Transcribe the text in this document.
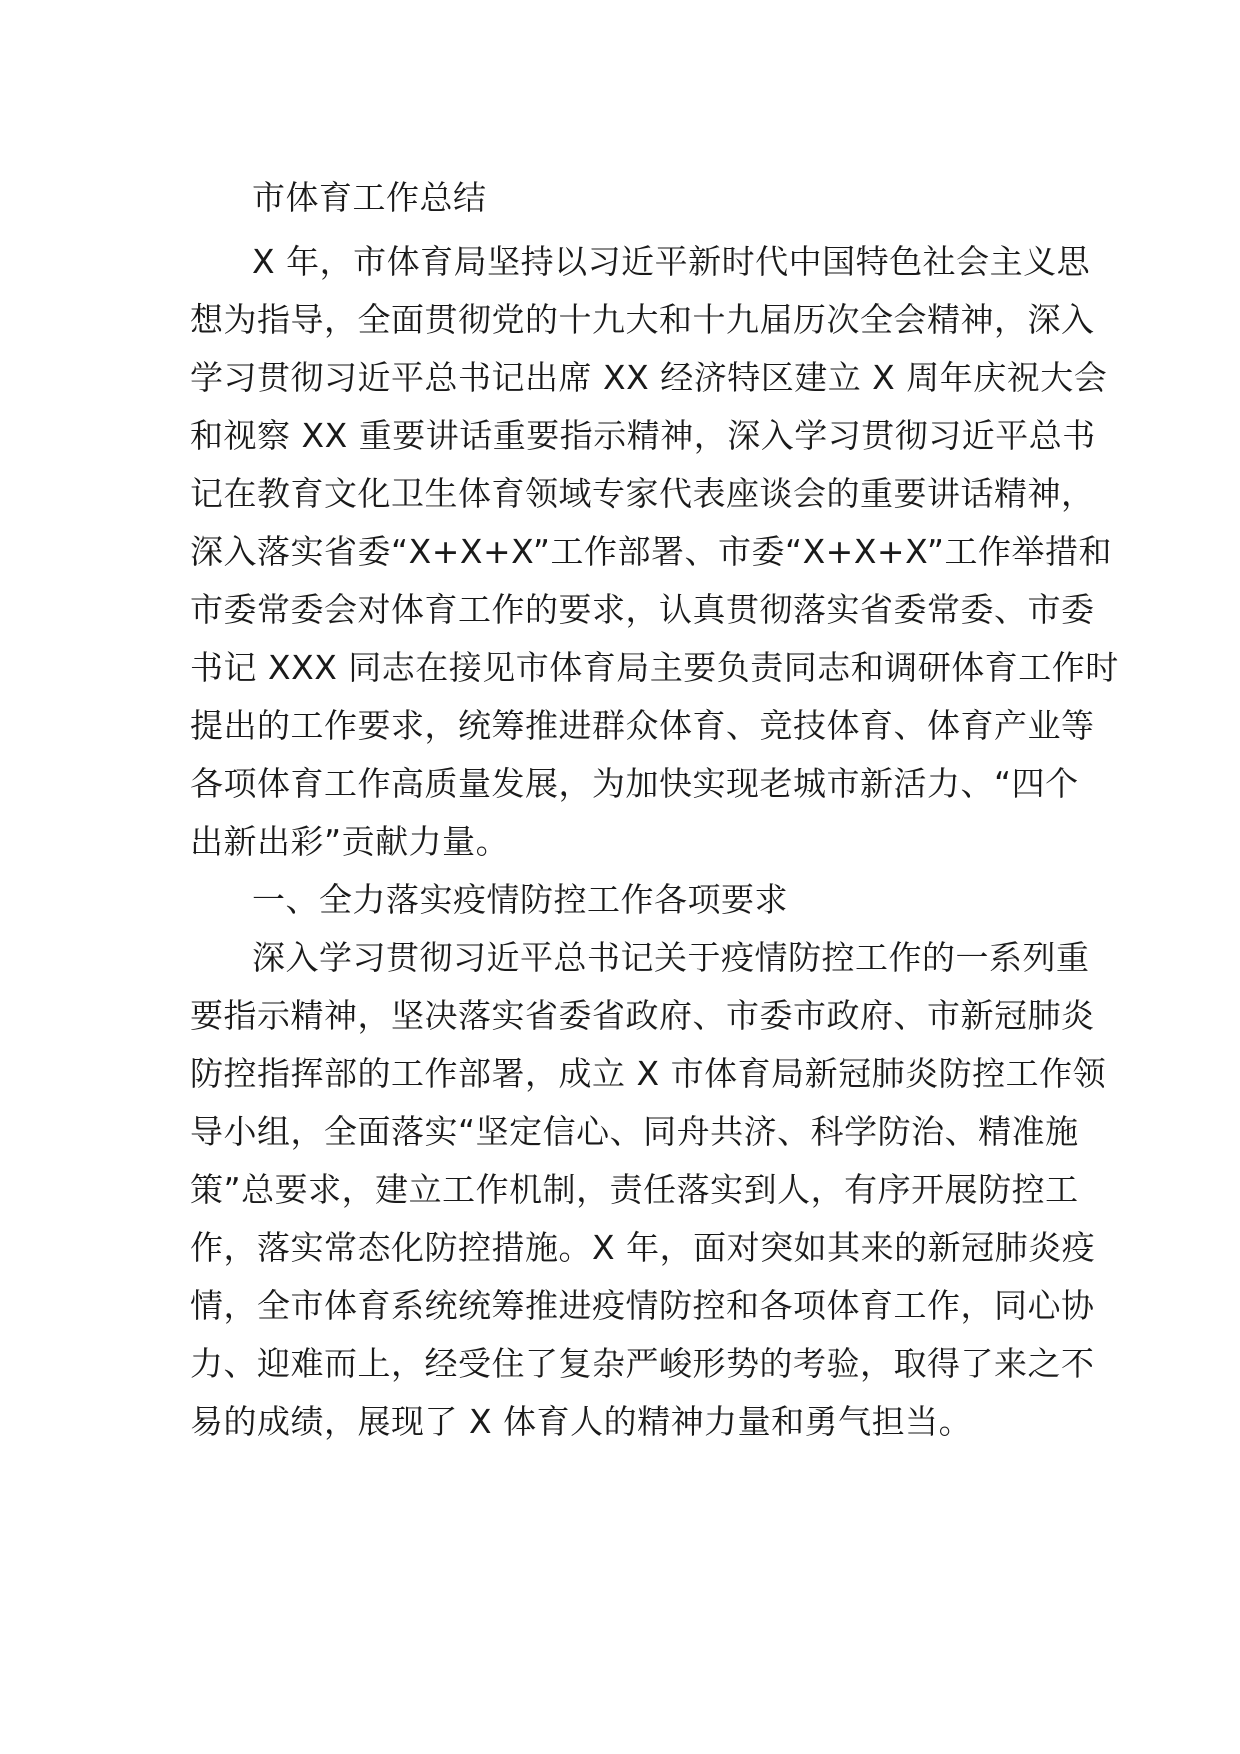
市体育工作总结
X 年，市体育局坚持以习近平新时代中国特色社会主义思
想为指导，全面贯彻党的十九大和十九届历次全会精神，深入
学习贯彻习近平总书记出席 XX 经济特区建立 X 周年庆祝大会
和视察 XX 重要讲话重要指示精神，深入学习贯彻习近平总书
记在教育文化卫生体育领域专家代表座谈会的重要讲话精神，
深入落实省委“X+X+X”工作部署、市委“X+X+X”工作举措和
市委常委会对体育工作的要求，认真贯彻落实省委常委、市委
书记 XXX 同志在接见市体育局主要负责同志和调研体育工作时
提出的工作要求，统筹推进群众体育、竞技体育、体育产业等
各项体育工作高质量发展，为加快实现老城市新活力、“四个
出新出彩”贡献力量。
一、全力落实疫情防控工作各项要求
深入学习贯彻习近平总书记关于疫情防控工作的一系列重
要指示精神，坚决落实省委省政府、市委市政府、市新冠肺炎
防控指挥部的工作部署，成立 X 市体育局新冠肺炎防控工作领
导小组，全面落实“坚定信心、同舟共济、科学防治、精准施
策”总要求，建立工作机制，责任落实到人，有序开展防控工
作，落实常态化防控措施。X 年，面对突如其来的新冠肺炎疫
情，全市体育系统统筹推进疫情防控和各项体育工作，同心协
力、迎难而上，经受住了复杂严峻形势的考验，取得了来之不
易的成绩，展现了 X 体育人的精神力量和勇气担当。
